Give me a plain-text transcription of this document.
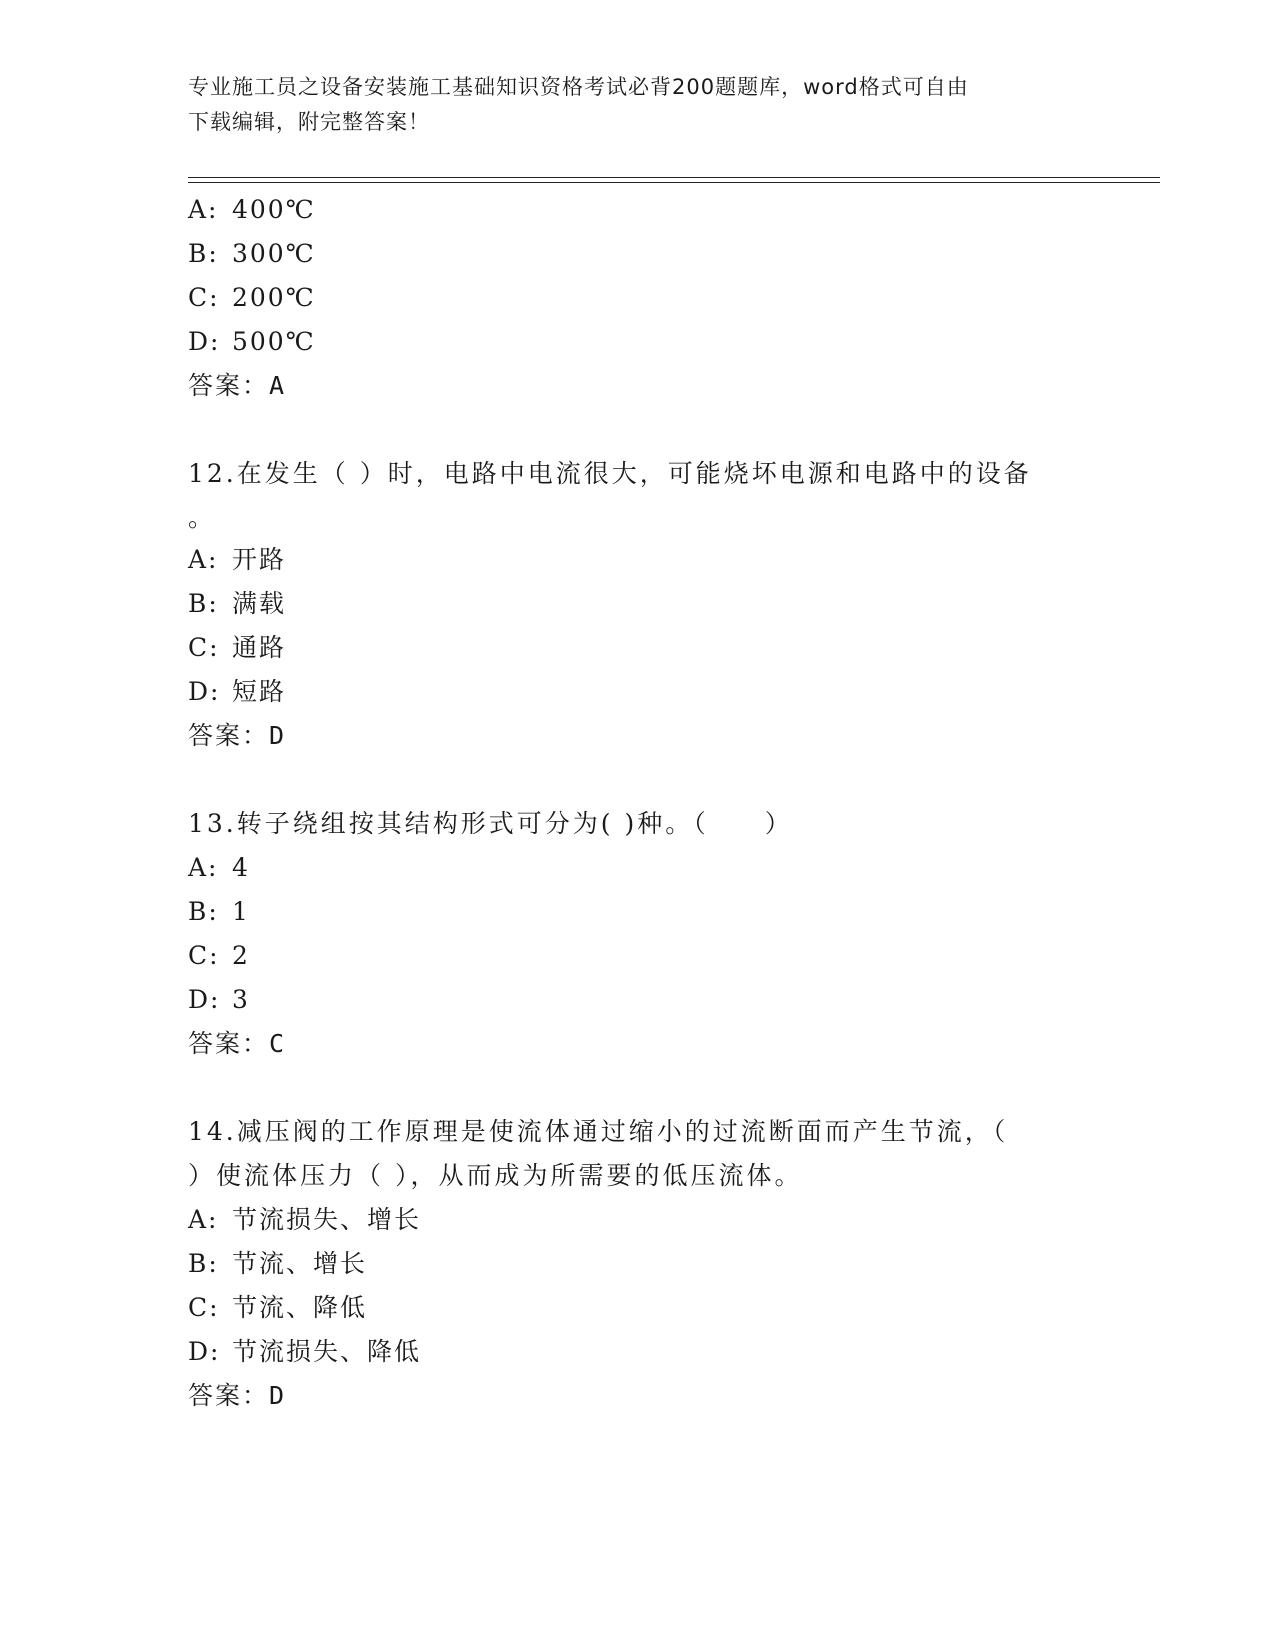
专业施工员之设备安装施工基础知识资格考试必背200题题库，word格式可自由
下载编辑，附完整答案！
A: 400℃
B: 300℃
C: 200℃
D: 500℃
答案：A
12.在发生（ ）时，电路中电流很大，可能烧坏电源和电路中的设备
。
A: 开路
B: 满载
C: 通路
D: 短路
答案：D
13.转子绕组按其结构形式可分为( )种。（　　）
A: 4
B: 1
C: 2
D: 3
答案：C
14.减压阀的工作原理是使流体通过缩小的过流断面而产生节流，（
）使流体压力（ ），从而成为所需要的低压流体。
A: 节流损失、增长
B: 节流、增长
C: 节流、降低
D: 节流损失、降低
答案：D
